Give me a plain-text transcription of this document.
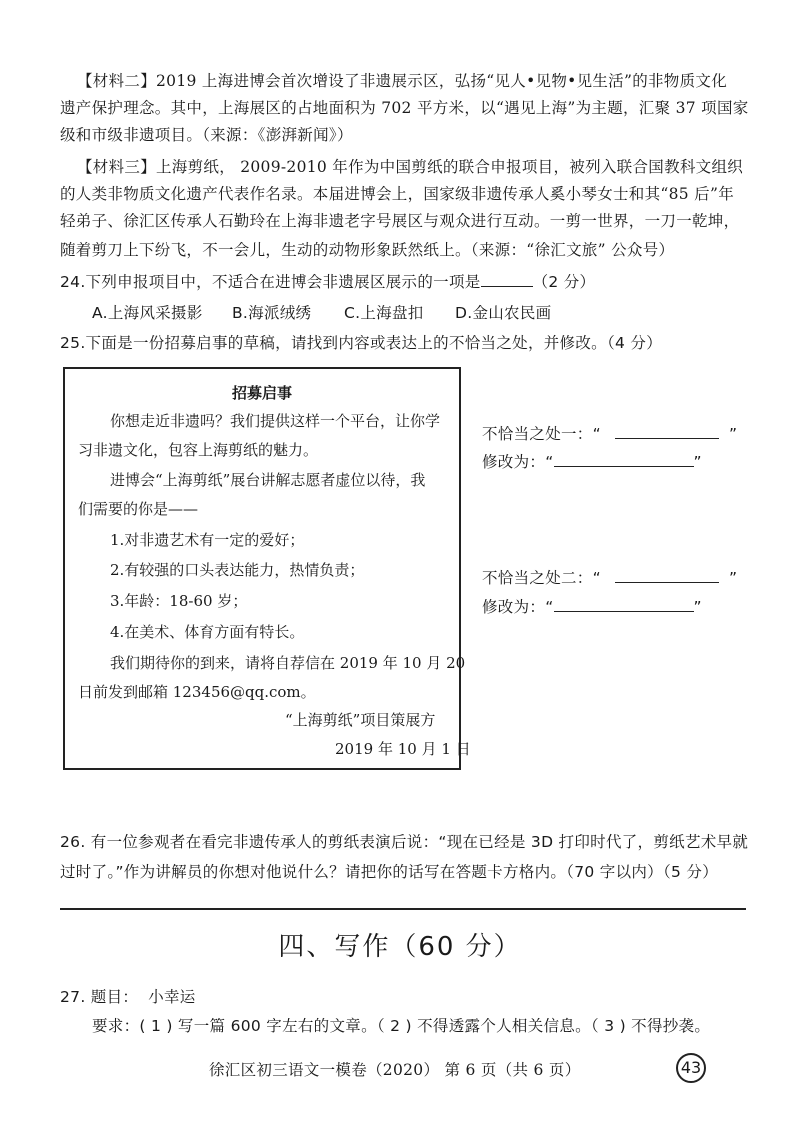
【材料二】2019 上海进博会首次增设了非遗展示区，弘扬“见人•见物•见生活”的非物质文化
遗产保护理念。其中，上海展区的占地面积为 702 平方米，以“遇见上海”为主题，汇聚 37 项国家
级和市级非遗项目。（来源：《澎湃新闻》）
【材料三】上海剪纸， 2009-2010 年作为中国剪纸的联合申报项目，被列入联合国教科文组织
的人类非物质文化遗产代表作名录。本届进博会上，国家级非遗传承人奚小琴女士和其“85 后”年
轻弟子、徐汇区传承人石勤玲在上海非遗老字号展区与观众进行互动。一剪一世界，一刀一乾坤，
随着剪刀上下纷飞，不一会儿，生动的动物形象跃然纸上。（来源：“徐汇文旅” 公众号）
24.下列申报项目中，不适合在进博会非遗展区展示的一项是	（2 分）
A.上海风采摄影 B.海派绒绣 C.上海盘扣 D.金山农民画
25.下面是一份招募启事的草稿，请找到内容或表达上的不恰当之处，并修改。（4 分）
招募启事
你想走近非遗吗？我们提供这样一个平台，让你学
习非遗文化，包容上海剪纸的魅力。
进博会“上海剪纸”展台讲解志愿者虚位以待，我
们需要的你是——
1.对非遗艺术有一定的爱好；
2.有较强的口头表达能力，热情负责；
3.年龄：18-60 岁；
4.在美术、体育方面有特长。
我们期待你的到来，请将自荐信在 2019 年 10 月 20
日前发到邮箱 123456@qq.com。
“上海剪纸”项目策展方
2019 年 10 月 1 日
不恰当之处一：“	”
修改为：“	”
不恰当之处二：“	”
修改为：“	”
26. 有一位参观者在看完非遗传承人的剪纸表演后说：“现在已经是 3D 打印时代了，剪纸艺术早就
过时了。”作为讲解员的你想对他说什么？请把你的话写在答题卡方格内。（70 字以内）（5 分）
四、写作（60 分）
27. 题目： 小幸运
要求：( 1 ) 写一篇 600 字左右的文章。（ 2 ) 不得透露个人相关信息。（ 3 ) 不得抄袭。
徐汇区初三语文一模卷（2020） 第 6 页（共 6 页）	43
